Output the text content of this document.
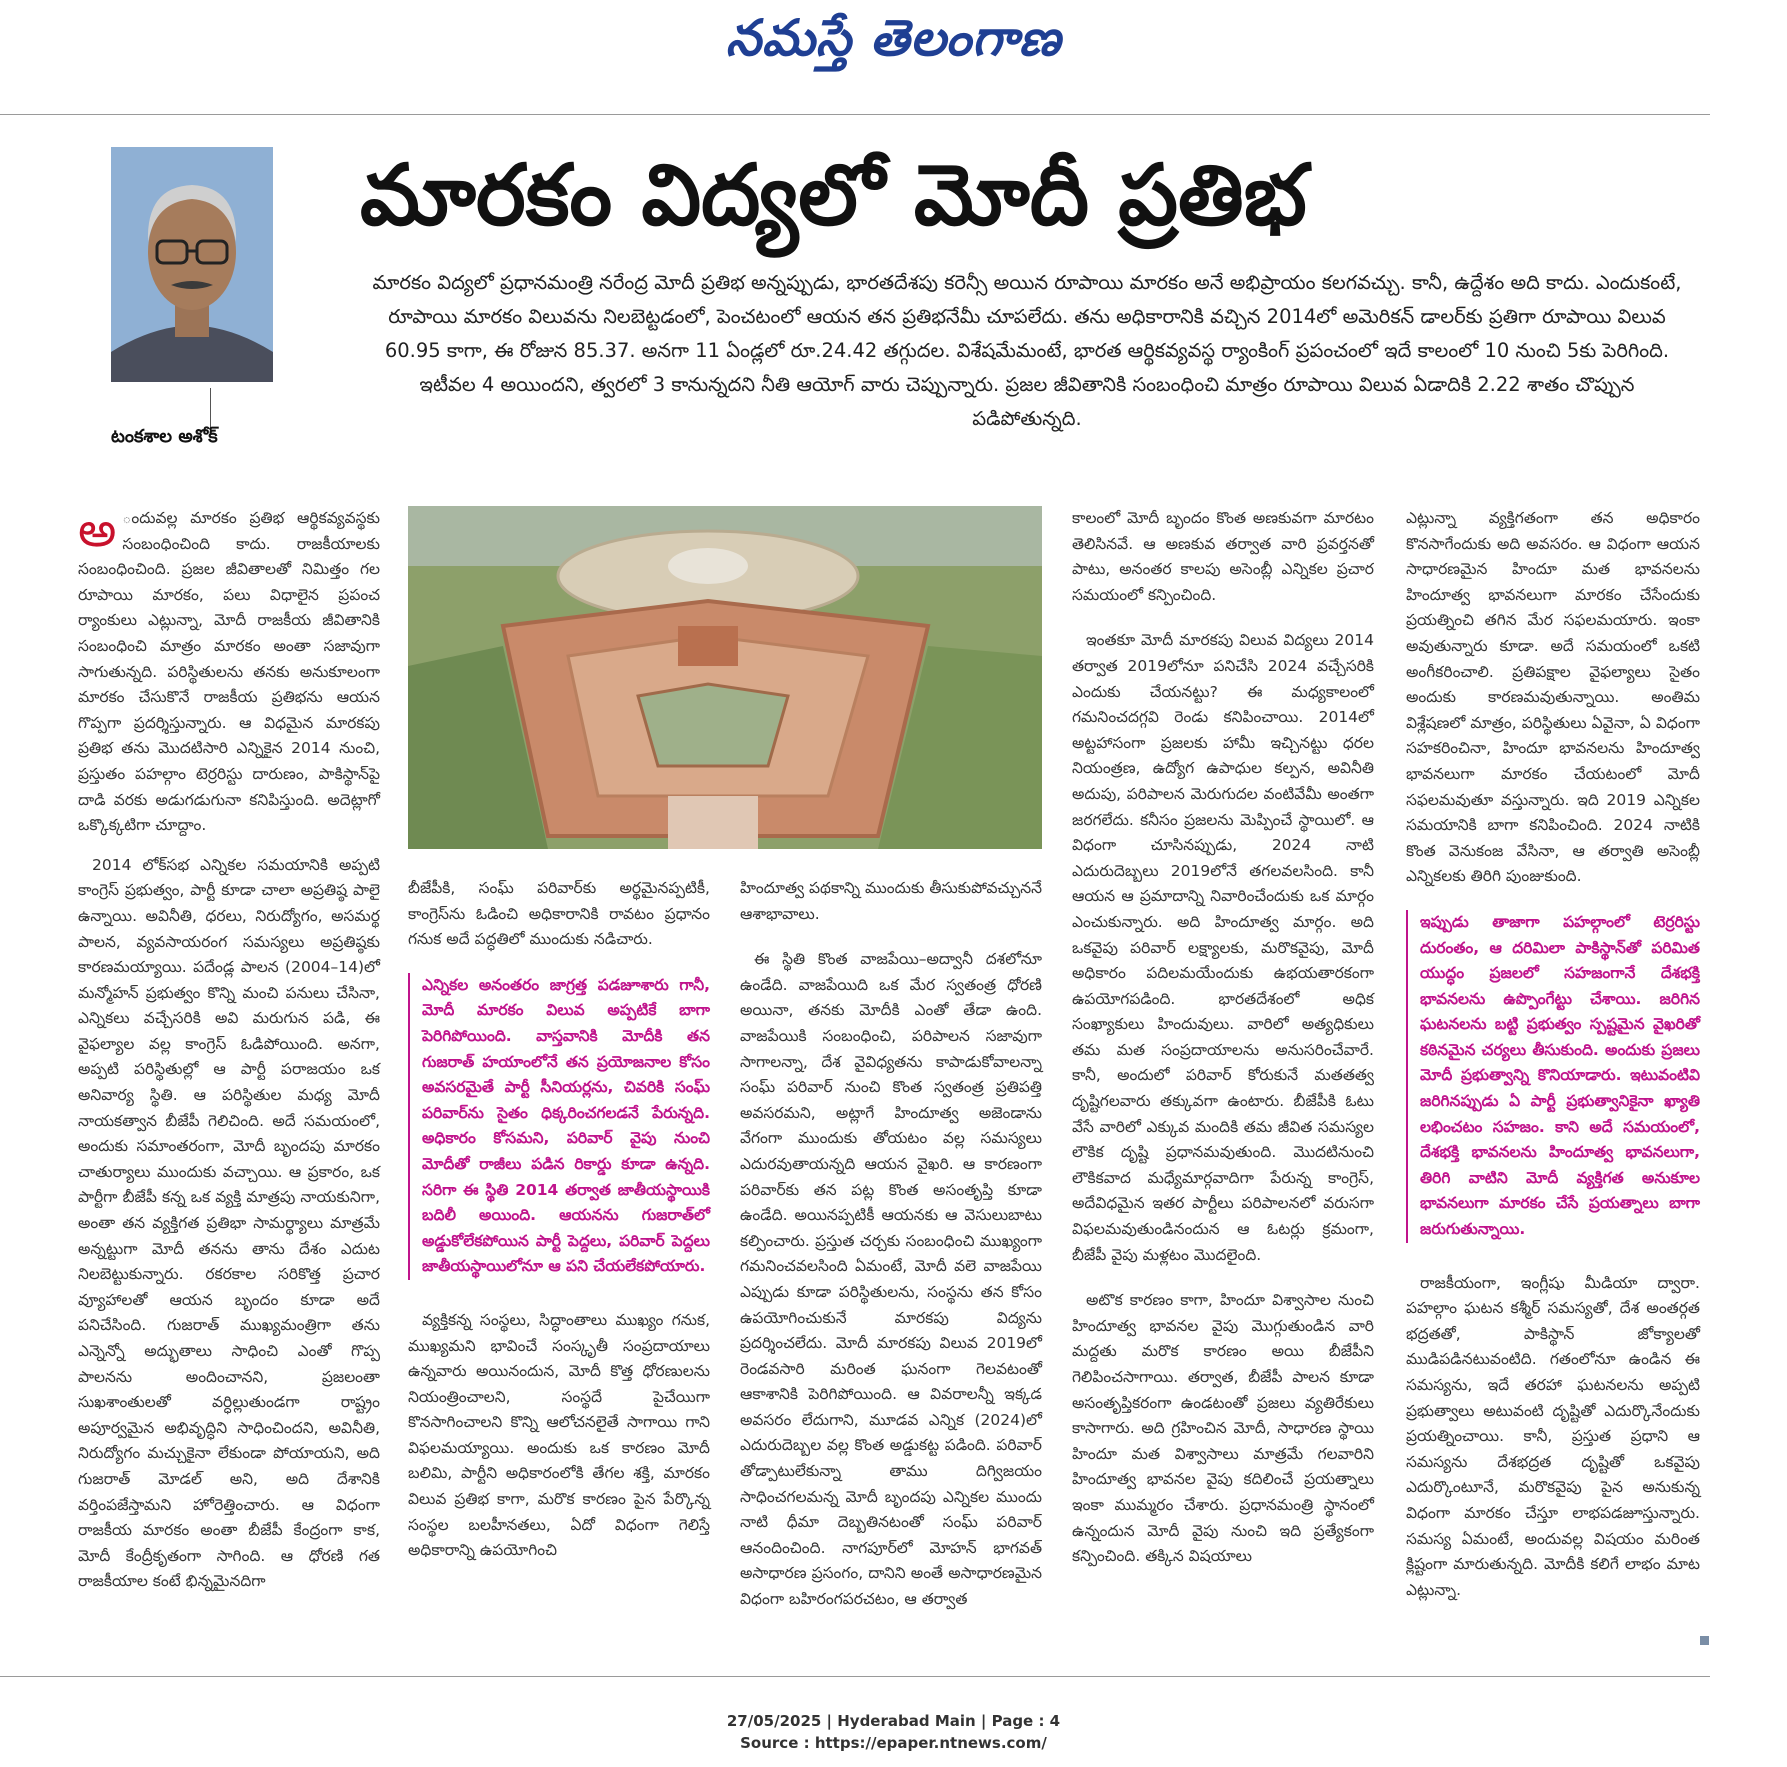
నమస్తే తెలంగాణ
టంకశాల అశోక్
మారకం విద్యలో మోదీ ప్రతిభ
మారకం విద్యలో ప్రధానమంత్రి నరేంద్ర మోదీ ప్రతిభ అన్నప్పుడు, భారతదేశపు కరెన్సీ అయిన రూపాయి మారకం అనే అభిప్రాయం కలగవచ్చు. కానీ, ఉద్దేశం అది కాదు. ఎందుకంటే, రూపాయి మారకం విలువను నిలబెట్టడంలో, పెంచటంలో ఆయన తన ప్రతిభనేమీ చూపలేదు. తను అధికారానికి వచ్చిన 2014లో అమెరికన్ డాలర్‌కు ప్రతిగా రూపాయి విలువ 60.95 కాగా, ఈ రోజున 85.37. అనగా 11 ఏండ్లలో రూ.24.42 తగ్గుదల. విశేషమేమంటే, భారత ఆర్థికవ్యవస్థ ర్యాంకింగ్ ప్రపంచంలో ఇదే కాలంలో 10 నుంచి 5కు పెరిగింది. ఇటీవల 4 అయిందని, త్వరలో 3 కానున్నదని నీతి ఆయోగ్ వారు చెప్పున్నారు. ప్రజల జీవితానికి సంబంధించి మాత్రం రూపాయి విలువ ఏడాదికి 2.22 శాతం చొప్పున పడిపోతున్నది.

అ ందువల్ల మారకం ప్రతిభ ఆర్థికవ్యవస్థకు సంబంధించింది కాదు. రాజకీయాలకు సంబంధించింది. ప్రజల జీవితాలతో నిమిత్తం గల రూపాయి మారకం, పలు విధాలైన ప్రపంచ ర్యాంకులు ఎట్లున్నా, మోదీ రాజకీయ జీవితానికి సంబంధించి మాత్రం మారకం అంతా సజావుగా సాగుతున్నది. పరిస్థితులను తనకు అనుకూలంగా మారకం చేసుకొనే రాజకీయ ప్రతిభను ఆయన గొప్పగా ప్రదర్శిస్తున్నారు. ఆ విధమైన మారకపు ప్రతిభ తను మొదటిసారి ఎన్నికైన 2014 నుంచి, ప్రస్తుతం పహల్గాం టెర్రరిస్టు దారుణం, పాకిస్థాన్‌పై దాడి వరకు అడుగడుగునా కనిపిస్తుంది. అదెట్లాగో ఒక్కొక్కటిగా చూద్దాం.

2014 లోక్‌సభ ఎన్నికల సమయానికి అప్పటి కాంగ్రెస్ ప్రభుత్వం, పార్టీ కూడా చాలా అప్రతిష్ఠ పాలై ఉన్నాయి. అవినీతి, ధరలు, నిరుద్యోగం, అసమర్థ పాలన, వ్యవసాయరంగ సమస్యలు అప్రతిష్ఠకు కారణమయ్యాయి. పదేండ్ల పాలన (2004–14)లో మన్మోహన్ ప్రభుత్వం కొన్ని మంచి పనులు చేసినా, ఎన్నికలు వచ్చేసరికి అవి మరుగున పడి, ఈ వైఫల్యాల వల్ల కాంగ్రెస్ ఓడిపోయింది. అనగా, అప్పటి పరిస్థితుల్లో ఆ పార్టీ పరాజయం ఒక అనివార్య స్థితి. ఆ పరిస్థితుల మధ్య మోదీ నాయకత్వాన బీజేపీ గెలిచింది. అదే సమయంలో, అందుకు సమాంతరంగా, మోదీ బృందపు మారకం చాతుర్యాలు ముందుకు వచ్చాయి. ఆ ప్రకారం, ఒక పార్టీగా బీజేపీ కన్న ఒక వ్యక్తి మాత్రపు నాయకునిగా, అంతా తన వ్యక్తిగత ప్రతిభా సామర్థ్యాలు మాత్రమే అన్నట్టుగా మోదీ తనను తాను దేశం ఎదుట నిలబెట్టుకున్నారు. రకరకాల సరికొత్త ప్రచార వ్యూహాలతో ఆయన బృందం కూడా అదే పనిచేసింది. గుజరాత్ ముఖ్యమంత్రిగా తను ఎన్నెన్నో అద్భుతాలు సాధించి ఎంతో గొప్ప పాలనను అందించానని, ప్రజలంతా సుఖశాంతులతో వర్ధిల్లుతుండగా రాష్ట్రం అపూర్వమైన అభివృద్ధిని సాధించిందని, అవినీతి, నిరుద్యోగం మచ్చుకైనా లేకుండా పోయాయని, అది గుజరాత్ మోడల్ అని, అది దేశానికి వర్తింపజేస్తామని హోరెత్తించారు. ఆ విధంగా రాజకీయ మారకం అంతా బీజేపీ కేంద్రంగా కాక, మోదీ కేంద్రీకృతంగా సాగింది. ఆ ధోరణి గత రాజకీయాల కంటే భిన్నమైనదిగా

బీజేపీకి, సంఘ్ పరివార్‌కు అర్థమైనప్పటికీ, కాంగ్రెస్‌ను ఓడించి అధికారానికి రావటం ప్రధానం గనుక అదే పద్ధతిలో ముందుకు నడిచారు.

ఎన్నికల అనంతరం జాగ్రత్త పడజూశారు గానీ, మోదీ మారకం విలువ అప్పటికే బాగా పెరిగిపోయింది. వాస్తవానికి మోదీకి తన గుజరాత్ హయాంలోనే తన ప్రయోజనాల కోసం అవసరమైతే పార్టీ సీనియర్లను, చివరికి సంఘ్ పరివార్‌ను సైతం ధిక్కరించగలడనే పేరున్నది. అధికారం కోసమని, పరివార్ వైపు నుంచి మోదీతో రాజీలు పడిన రికార్డు కూడా ఉన్నది. సరిగా ఈ స్థితి 2014 తర్వాత జాతీయస్థాయికి బదిలీ అయింది. ఆయనను గుజరాత్‌లో అడ్డుకోలేకపోయిన పార్టీ పెద్దలు, పరివార్ పెద్దలు జాతీయస్థాయిలోనూ ఆ పని చేయలేకపోయారు.

వ్యక్తికన్న సంస్థలు, సిద్ధాంతాలు ముఖ్యం గనుక, ముఖ్యమని భావించే సంస్కృతీ సంప్రదాయాలు ఉన్నవారు అయినందున, మోదీ కొత్త ధోరణులను నియంత్రించాలని, సంస్థదే పైచేయిగా కొనసాగించాలని కొన్ని ఆలోచనలైతే సాగాయి గాని విఫలమయ్యాయి. అందుకు ఒక కారణం మోదీ బలిమి, పార్టీని అధికారంలోకి తేగల శక్తి, మారకం విలువ ప్రతిభ కాగా, మరొక కారణం పైన పేర్కొన్న సంస్థల బలహీనతలు, ఏదో విధంగా గెలిస్తే అధికారాన్ని ఉపయోగించి

హిందూత్వ పథకాన్ని ముందుకు తీసుకుపోవచ్చుననే ఆశాభావాలు.

ఈ స్థితి కొంత వాజపేయి–అద్వానీ దశలోనూ ఉండేది. వాజపేయిది ఒక మేర స్వతంత్ర ధోరణి అయినా, తనకు మోదీకి ఎంతో తేడా ఉంది. వాజపేయికి సంబంధించి, పరిపాలన సజావుగా సాగాలన్నా, దేశ వైవిధ్యతను కాపాడుకోవాలన్నా సంఘ్ పరివార్ నుంచి కొంత స్వతంత్ర ప్రతిపత్తి అవసరమని, అట్లాగే హిందూత్వ అజెండాను వేగంగా ముందుకు తోయటం వల్ల సమస్యలు ఎదురవుతాయన్నది ఆయన వైఖరి. ఆ కారణంగా పరివార్‌కు తన పట్ల కొంత అసంతృప్తి కూడా ఉండేది. అయినప్పటికీ ఆయనకు ఆ వెసులుబాటు కల్పించారు. ప్రస్తుత చర్చకు సంబంధించి ముఖ్యంగా గమనించవలసింది ఏమంటే, మోదీ వలె వాజపేయి ఎప్పుడు కూడా పరిస్థితులను, సంస్థను తన కోసం ఉపయోగించుకునే మారకపు విద్యను ప్రదర్శించలేదు. మోదీ మారకపు విలువ 2019లో రెండవసారి మరింత ఘనంగా గెలవటంతో ఆకాశానికి పెరిగిపోయింది. ఆ వివరాలన్నీ ఇక్కడ అవసరం లేదుగాని, మూడవ ఎన్నిక (2024)లో ఎదురుదెబ్బల వల్ల కొంత అడ్డుకట్ట పడింది. పరివార్ తోడ్పాటులేకున్నా తాము దిగ్విజయం సాధించగలమన్న మోదీ బృందపు ఎన్నికల ముందు నాటి ధీమా దెబ్బతినటంతో సంఘ్ పరివార్ ఆనందించింది. నాగపూర్‌లో మోహన్ భాగవత్ అసాధారణ ప్రసంగం, దానిని అంతే అసాధారణమైన విధంగా బహిరంగపరచటం, ఆ తర్వాత

కాలంలో మోదీ బృందం కొంత అణకువగా మారటం తెలిసినవే. ఆ అణకువ తర్వాత వారి ప్రవర్తనతో పాటు, అనంతర కాలపు అసెంబ్లీ ఎన్నికల ప్రచార సమయంలో కన్పించింది.

ఇంతకూ మోదీ మారకపు విలువ విద్యలు 2014 తర్వాత 2019లోనూ పనిచేసి 2024 వచ్చేసరికి ఎందుకు చేయనట్టు? ఈ మధ్యకాలంలో గమనించదగ్గవి రెండు కనిపించాయి. 2014లో అట్టహాసంగా ప్రజలకు హామీ ఇచ్చినట్టు ధరల నియంత్రణ, ఉద్యోగ ఉపాధుల కల్పన, అవినీతి అదుపు, పరిపాలన మెరుగుదల వంటివేమీ అంతగా జరగలేదు. కనీసం ప్రజలను మెప్పించే స్థాయిలో. ఆ విధంగా చూసినప్పుడు, 2024 నాటి ఎదురుదెబ్బలు 2019లోనే తగలవలసింది. కానీ ఆయన ఆ ప్రమాదాన్ని నివారించేందుకు ఒక మార్గం ఎంచుకున్నారు. అది హిందూత్వ మార్గం. అది ఒకవైపు పరివార్ లక్ష్యాలకు, మరొకవైపు, మోదీ అధికారం పదిలమయేందుకు ఉభయతారకంగా ఉపయోగపడింది. భారతదేశంలో అధిక సంఖ్యాకులు హిందువులు. వారిలో అత్యధికులు తమ మత సంప్రదాయాలను అనుసరించేవారే. కానీ, అందులో పరివార్ కోరుకునే మతతత్వ దృష్టిగలవారు తక్కువగా ఉంటారు. బీజేపీకి ఓటు వేసే వారిలో ఎక్కువ మందికి తమ జీవిత సమస్యల లౌకిక దృష్టి ప్రధానమవుతుంది. మొదటినుంచి లౌకికవాద మధ్యేమార్గవాదిగా పేరున్న కాంగ్రెస్, అదేవిధమైన ఇతర పార్టీలు పరిపాలనలో వరుసగా విఫలమవుతుండినందున ఆ ఓటర్లు క్రమంగా, బీజేపీ వైపు మళ్లటం మొదలైంది.

అటొక కారణం కాగా, హిందూ విశ్వాసాల నుంచి హిందూత్వ భావనల వైపు మొగ్గుతుండిన వారి మద్దతు మరొక కారణం అయి బీజేపీని గెలిపించసాగాయి. తర్వాత, బీజేపీ పాలన కూడా అసంతృప్తికరంగా ఉండటంతో ప్రజలు వ్యతిరేకులు కాసాగారు. అది గ్రహించిన మోదీ, సాధారణ స్థాయి హిందూ మత విశ్వాసాలు మాత్రమే గలవారిని హిందూత్వ భావనల వైపు కదిలించే ప్రయత్నాలు ఇంకా ముమ్మరం చేశారు. ప్రధానమంత్రి స్థానంలో ఉన్నందున మోదీ వైపు నుంచి ఇది ప్రత్యేకంగా కన్పించింది. తక్కిన విషయాలు

ఎట్లున్నా వ్యక్తిగతంగా తన అధికారం కొనసాగేందుకు అది అవసరం. ఆ విధంగా ఆయన సాధారణమైన హిందూ మత భావనలను హిందూత్వ భావనలుగా మారకం చేసేందుకు ప్రయత్నించి తగిన మేర సఫలమయారు. ఇంకా అవుతున్నారు కూడా. అదే సమయంలో ఒకటి అంగీకరించాలి. ప్రతిపక్షాల వైఫల్యాలు సైతం అందుకు కారణమవుతున్నాయి. అంతిమ విశ్లేషణలో మాత్రం, పరిస్థితులు ఏవైనా, ఏ విధంగా సహకరించినా, హిందూ భావనలను హిందూత్వ భావనలుగా మారకం చేయటంలో మోదీ సఫలమవుతూ వస్తున్నారు. ఇది 2019 ఎన్నికల సమయానికి బాగా కనిపించింది. 2024 నాటికి కొంత వెనుకంజ వేసినా, ఆ తర్వాతి అసెంబ్లీ ఎన్నికలకు తిరిగి పుంజుకుంది.

ఇప్పుడు తాజాగా పహల్గాంలో టెర్రరిస్టు దురంతం, ఆ దరిమిలా పాకిస్థాన్‌తో పరిమిత యుద్ధం ప్రజలలో సహజంగానే దేశభక్తి భావనలను ఉప్పొంగేట్టు చేశాయి. జరిగిన ఘటనలను బట్టి ప్రభుత్వం స్పష్టమైన వైఖరితో కఠినమైన చర్యలు తీసుకుంది. అందుకు ప్రజలు మోదీ ప్రభుత్వాన్ని కొనియాడారు. ఇటువంటివి జరిగినప్పుడు ఏ పార్టీ ప్రభుత్వానికైనా ఖ్యాతి లభించటం సహజం. కాని అదే సమయంలో, దేశభక్తి భావనలను హిందూత్వ భావనలుగా, తిరిగి వాటిని మోదీ వ్యక్తిగత అనుకూల భావనలుగా మారకం చేసే ప్రయత్నాలు బాగా జరుగుతున్నాయి.

రాజకీయంగా, ఇంగ్లీషు మీడియా ద్వారా. పహల్గాం ఘటన కశ్మీర్ సమస్యతో, దేశ అంతర్గత భద్రతతో, పాకిస్థాన్ జోక్యాలతో ముడిపడినటువంటిది. గతంలోనూ ఉండిన ఈ సమస్యను, ఇదే తరహా ఘటనలను అప్పటి ప్రభుత్వాలు అటువంటి దృష్టితో ఎదుర్కొనేందుకు ప్రయత్నించాయి. కానీ, ప్రస్తుత ప్రధాని ఆ సమస్యను దేశభద్రత దృష్టితో ఒకవైపు ఎదుర్కొంటూనే, మరొకవైపు పైన అనుకున్న విధంగా మారకం చేస్తూ లాభపడజూస్తున్నారు. సమస్య ఏమంటే, అందువల్ల విషయం మరింత క్లిష్టంగా మారుతున్నది. మోదీకి కలిగే లాభం మాట ఎట్లున్నా.

27/05/2025 | Hyderabad Main | Page : 4
Source : https://epaper.ntnews.com/
